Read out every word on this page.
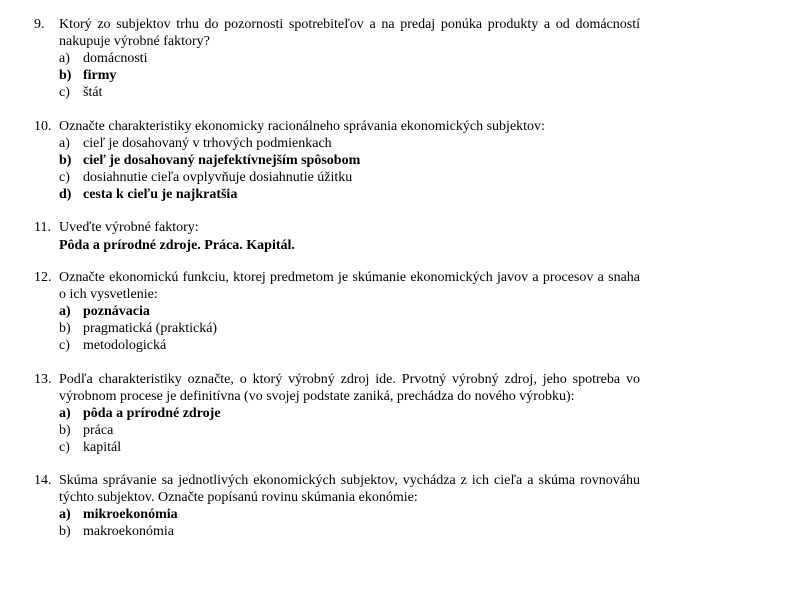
9.	Ktorý zo subjektov trhu do pozornosti spotrebiteľov a na predaj ponúka produkty a od domácností nakupuje výrobné faktory?
a) domácnosti
b) firmy
c) štát
10. Označte charakteristiky ekonomicky racionálneho správania ekonomických subjektov:
a) cieľ je dosahovaný v trhových podmienkach
b) cieľ je dosahovaný najefektívnejším spôsobom
c) dosiahnutie cieľa ovplyvňuje dosiahnutie úžitku
d) cesta k cieľu je najkratšia
11. Uveďte výrobné faktory:
Pôda a prírodné zdroje. Práca. Kapitál.
12. Označte ekonomickú funkciu, ktorej predmetom je skúmanie ekonomických javov a procesov a snaha o ich vysvetlenie:
a) poznávacia
b) pragmatická (praktická)
c) metodologická
13. Podľa charakteristiky označte, o ktorý výrobný zdroj ide. Prvotný výrobný zdroj, jeho spotreba vo výrobnom procese je definitívna (vo svojej podstate zaniká, prechádza do nového výrobku):
a) pôda a prírodné zdroje
b) práca
c) kapitál
14. Skúma správanie sa jednotlivých ekonomických subjektov, vychádza z ich cieľa a skúma rovnováhu týchto subjektov. Označte popísanú rovinu skúmania ekonómie:
a) mikroekonómia
b) makroekonómia
